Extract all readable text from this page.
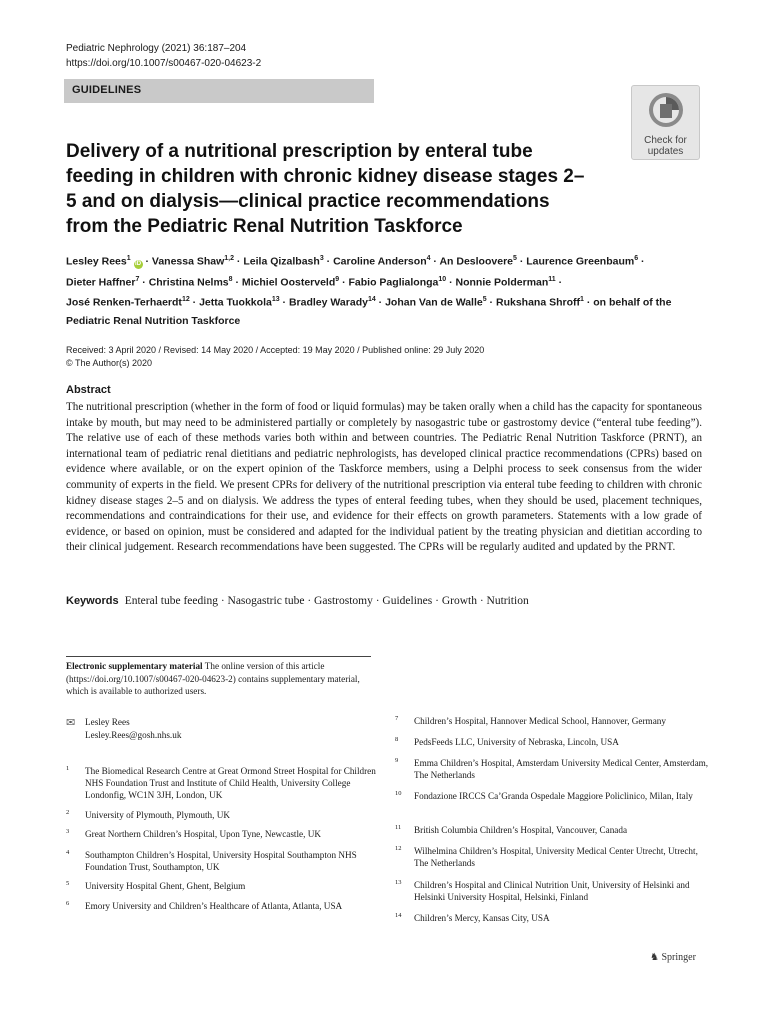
Pediatric Nephrology (2021) 36:187–204
https://doi.org/10.1007/s00467-020-04623-2
GUIDELINES
Check for
updates
Delivery of a nutritional prescription by enteral tube feeding in children with chronic kidney disease stages 2–5 and on dialysis—clinical practice recommendations from the Pediatric Renal Nutrition Taskforce
Lesley Rees$^1$ iD · Vanessa Shaw$^{1,2}$ · Leila Qizalbash$^3$ · Caroline Anderson$^4$ · An Desloovere$^5$ · Laurence Greenbaum$^6$ ·
Dieter Haffner$^7$ · Christina Nelms$^8$ · Michiel Oosterveld$^9$ · Fabio Paglialonga$^{10}$ · Nonnie Polderman$^{11}$ ·
José Renken-Terhaerdt$^{12}$ · Jetta Tuokkola$^{13}$ · Bradley Warady$^{14}$ · Johan Van de Walle$^5$ · Rukshana Shroff$^1$ · on behalf of the Pediatric Renal Nutrition Taskforce
Received: 3 April 2020 / Revised: 14 May 2020 / Accepted: 19 May 2020 / Published online: 29 July 2020
© The Author(s) 2020
Abstract
The nutritional prescription (whether in the form of food or liquid formulas) may be taken orally when a child has the capacity for spontaneous intake by mouth, but may need to be administered partially or completely by nasogastric tube or gastrostomy device (“enteral tube feeding”). The relative use of each of these methods varies both within and between countries. The Pediatric Renal Nutrition Taskforce (PRNT), an international team of pediatric renal dietitians and pediatric nephrologists, has developed clinical practice recommendations (CPRs) based on evidence where available, or on the expert opinion of the Taskforce members, using a Delphi process to seek consensus from the wider community of experts in the field. We present CPRs for delivery of the nutritional prescription via enteral tube feeding to children with chronic kidney disease stages 2–5 and on dialysis. We address the types of enteral feeding tubes, when they should be used, placement techniques, recommendations and contraindications for their use, and evidence for their effects on growth parameters. Statements with a low grade of evidence, or based on opinion, must be considered and adapted for the individual patient by the treating physician and dietitian according to their clinical judgement. Research recommendations have been suggested. The CPRs will be regularly audited and updated by the PRNT.
Keywords Enteral tube feeding · Nasogastric tube · Gastrostomy · Guidelines · Growth · Nutrition
Electronic supplementary material The online version of this article (https://doi.org/10.1007/s00467-020-04623-2) contains supplementary material, which is available to authorized users.
✉ Lesley Rees
Lesley.Rees@gosh.nhs.uk
1 The Biomedical Research Centre at Great Ormond Street Hospital for Children NHS Foundation Trust and Institute of Child Health, University College Londonfig, WC1N 3JH, London, UK
2 University of Plymouth, Plymouth, UK
3 Great Northern Children’s Hospital, Upon Tyne, Newcastle, UK
4 Southampton Children’s Hospital, University Hospital Southampton NHS Foundation Trust, Southampton, UK
5 University Hospital Ghent, Ghent, Belgium
6 Emory University and Children’s Healthcare of Atlanta, Atlanta, USA
7 Children’s Hospital, Hannover Medical School, Hannover, Germany
8 PedsFeeds LLC, University of Nebraska, Lincoln, USA
9 Emma Children’s Hospital, Amsterdam University Medical Center, Amsterdam, The Netherlands
10 Fondazione IRCCS Ca’Granda Ospedale Maggiore Policlinico, Milan, Italy
11 British Columbia Children’s Hospital, Vancouver, Canada
12 Wilhelmina Children’s Hospital, University Medical Center Utrecht, Utrecht, The Netherlands
13 Children’s Hospital and Clinical Nutrition Unit, University of Helsinki and Helsinki University Hospital, Helsinki, Finland
14 Children’s Mercy, Kansas City, USA
♞ Springer
